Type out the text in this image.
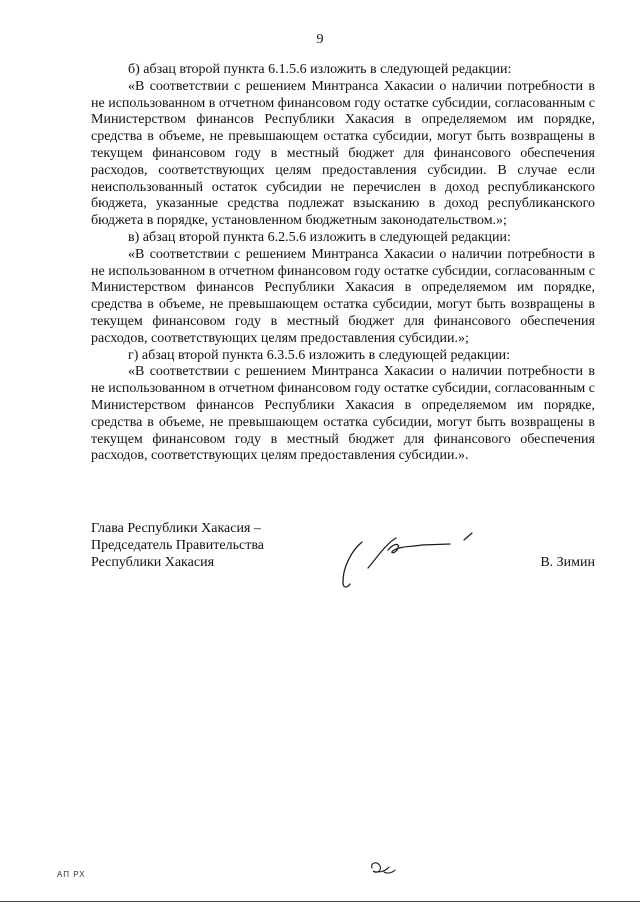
9

б) абзац второй пункта 6.1.5.6 изложить в следующей редакции:

«В соответствии с решением Минтранса Хакасии о наличии потребности в не использованном в отчетном финансовом году остатке субсидии, согласованным с Министерством финансов Республики Хакасия в определяемом им порядке, средства в объеме, не превышающем остатка субсидии, могут быть возвращены в текущем финансовом году в местный бюджет для финансового обеспечения расходов, соответствующих целям предоставления субсидии. В случае если неиспользованный остаток субсидии не перечислен в доход республиканского бюджета, указанные средства подлежат взысканию в доход республиканского бюджета в порядке, установленном бюджетным законодательством.»;

в) абзац второй пункта 6.2.5.6 изложить в следующей редакции:

«В соответствии с решением Минтранса Хакасии о наличии потребности в не использованном в отчетном финансовом году остатке субсидии, согласованным с Министерством финансов Республики Хакасия в определяемом им порядке, средства в объеме, не превышающем остатка субсидии, могут быть возвращены в текущем финансовом году в местный бюджет для финансового обеспечения расходов, соответствующих целям предоставления субсидии.»;

г) абзац второй пункта 6.3.5.6 изложить в следующей редакции:

«В соответствии с решением Минтранса Хакасии о наличии потребности в не использованном в отчетном финансовом году остатке субсидии, согласованным с Министерством финансов Республики Хакасия в определяемом им порядке, средства в объеме, не превышающем остатка субсидии, могут быть возвращены в текущем финансовом году в местный бюджет для финансового обеспечения расходов, соответствующих целям предоставления субсидии.».

Глава Республики Хакасия –
Председатель Правительства
Республики Хакасия	В. Зимин
АП РХ
